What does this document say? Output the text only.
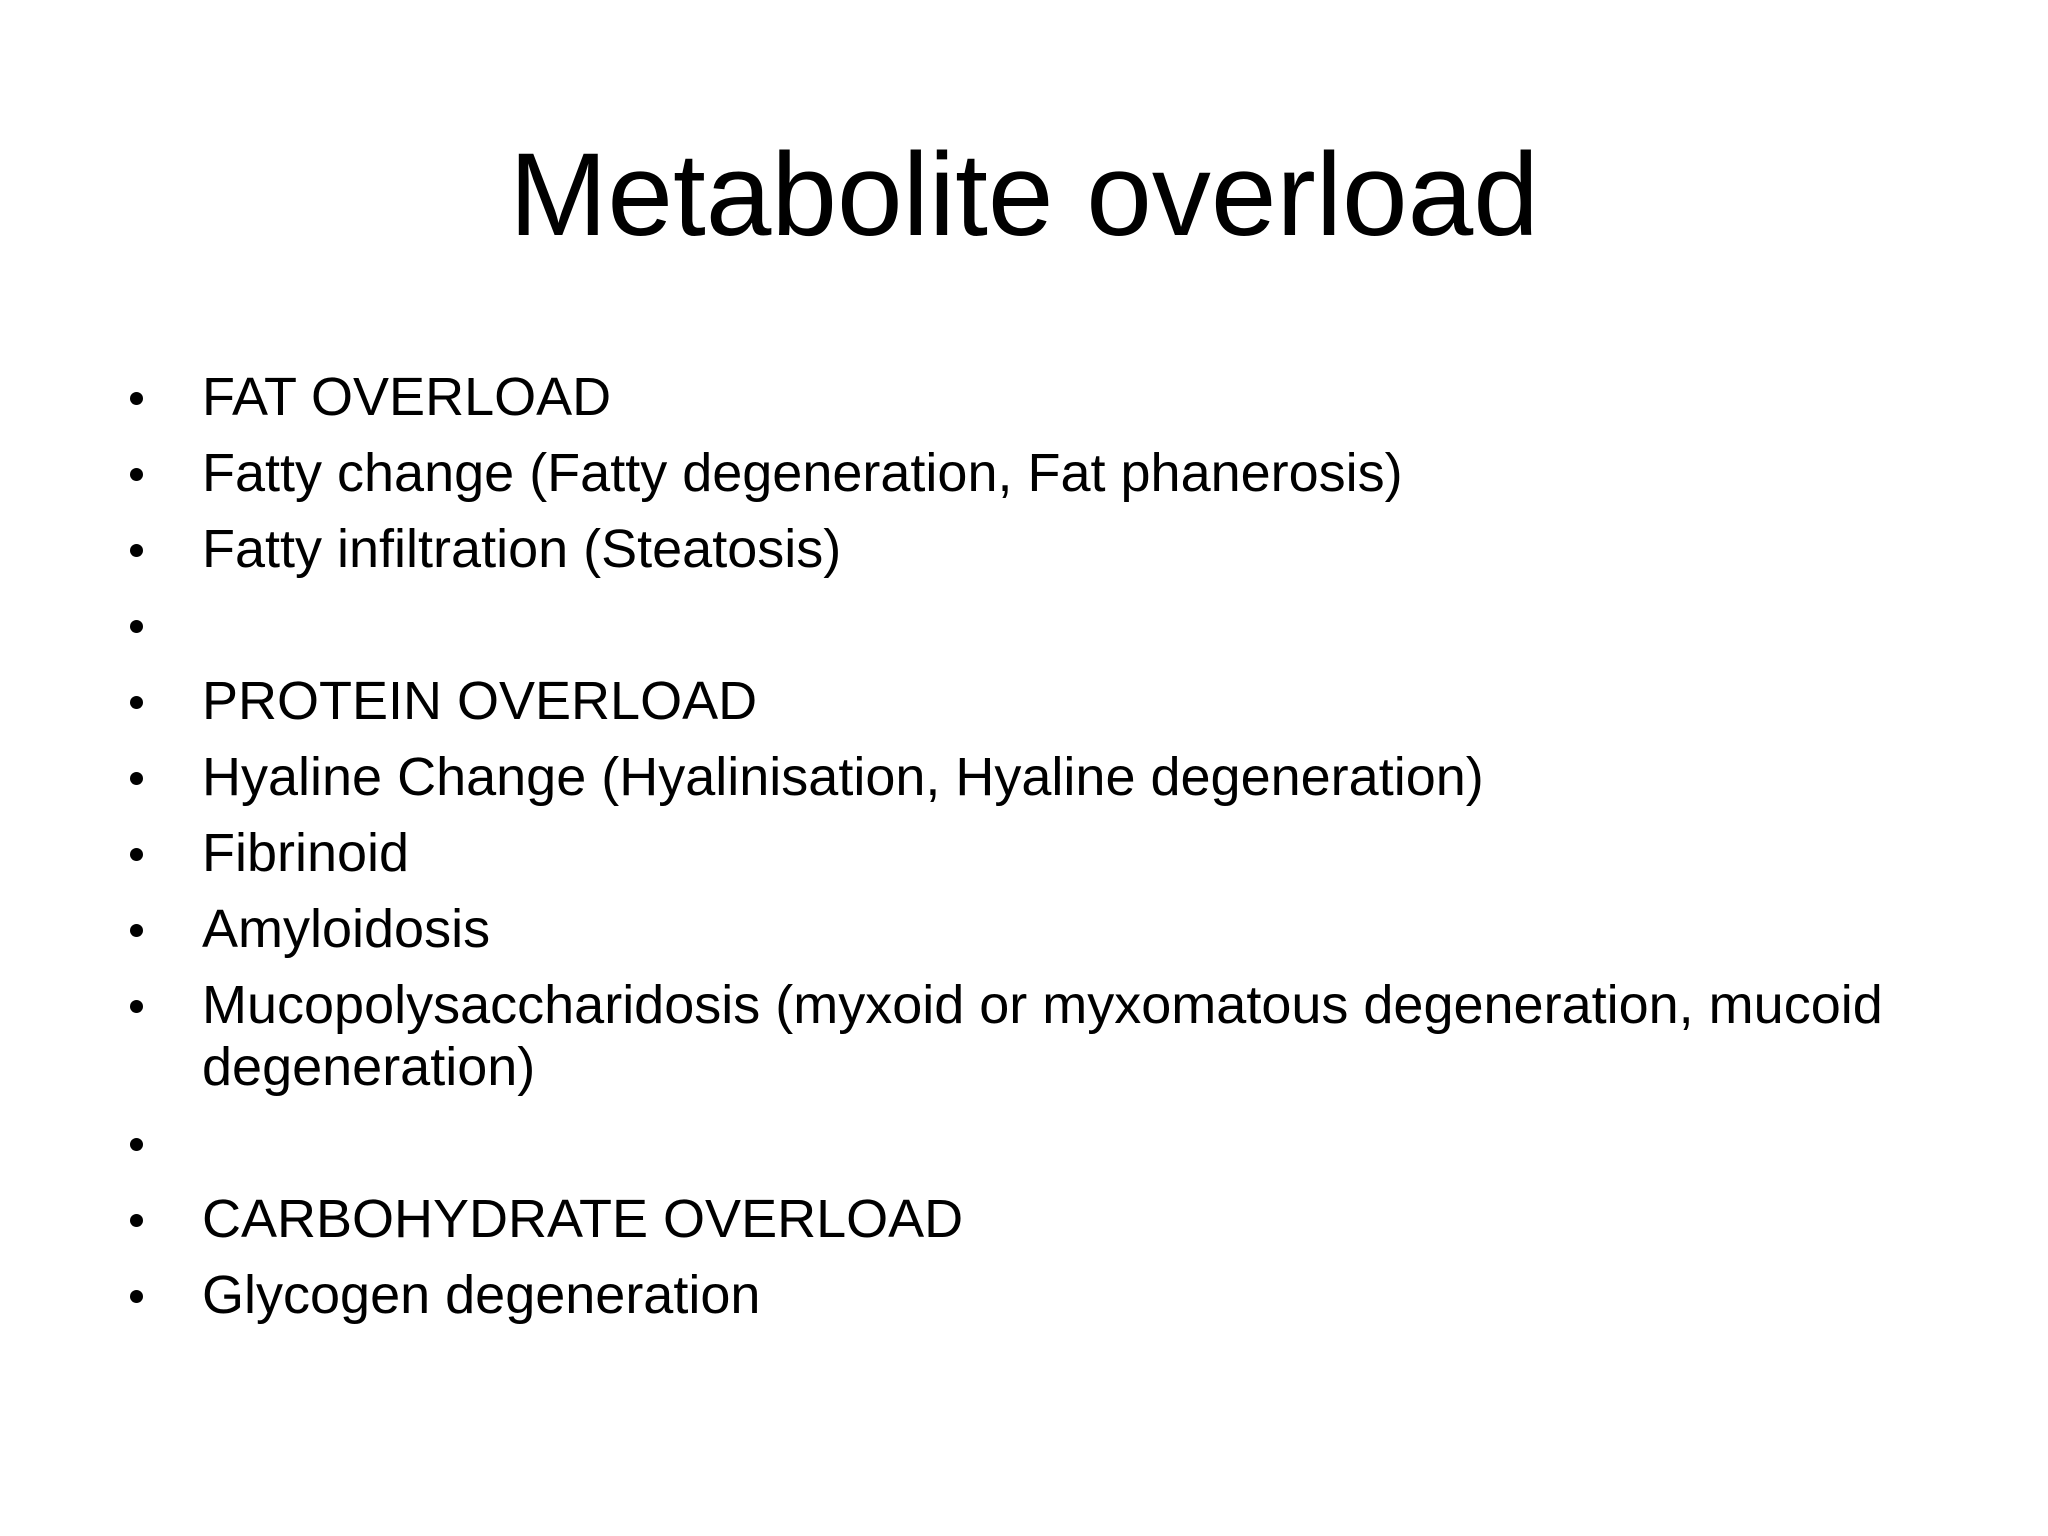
Metabolite overload
FAT OVERLOAD
Fatty change (Fatty degeneration, Fat phanerosis)
Fatty infiltration (Steatosis)
PROTEIN OVERLOAD
Hyaline Change (Hyalinisation, Hyaline degeneration)
Fibrinoid
Amyloidosis
Mucopolysaccharidosis (myxoid or myxomatous degeneration, mucoid degeneration)
CARBOHYDRATE OVERLOAD
Glycogen degeneration
